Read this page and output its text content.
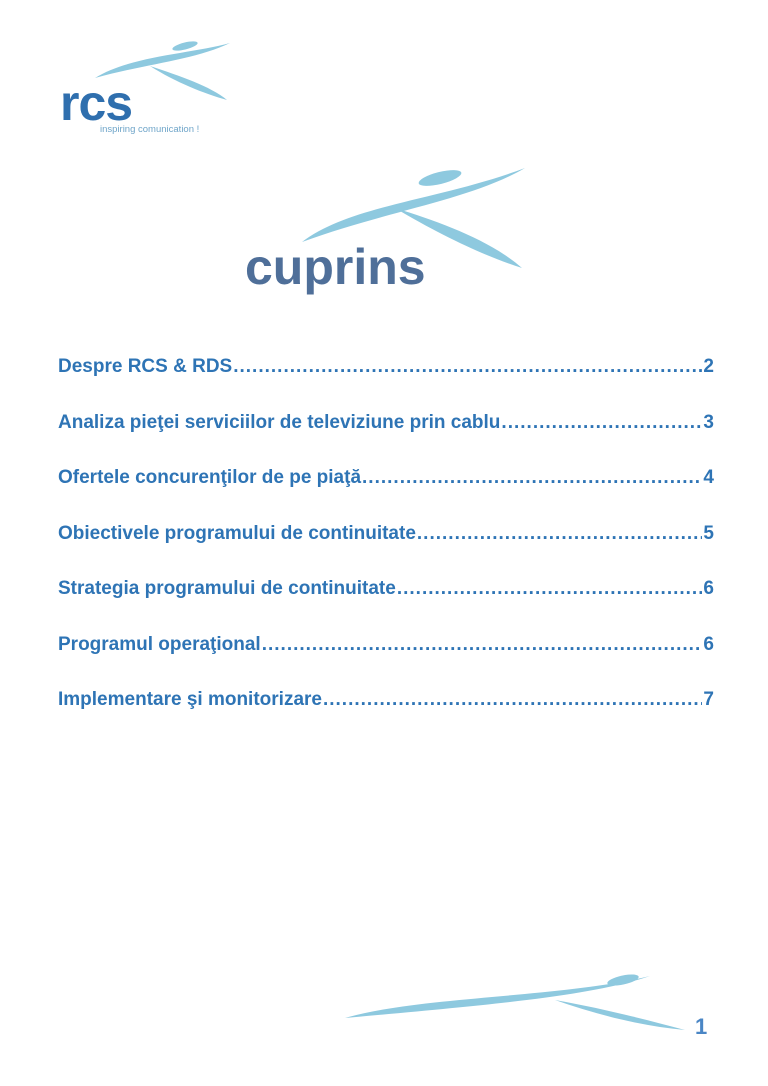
rcs
inspiring comunication !
cuprins
Despre RCS & RDS .....	2
Analiza pieţei serviciilor de televiziune prin cablu .....	3
Ofertele concurenţilor de pe piaţă .....	4
Obiectivele programului de continuitate .....	5
Strategia programului de continuitate .....	6
Programul operaţional .....	6
Implementare şi monitorizare .....	7
1
